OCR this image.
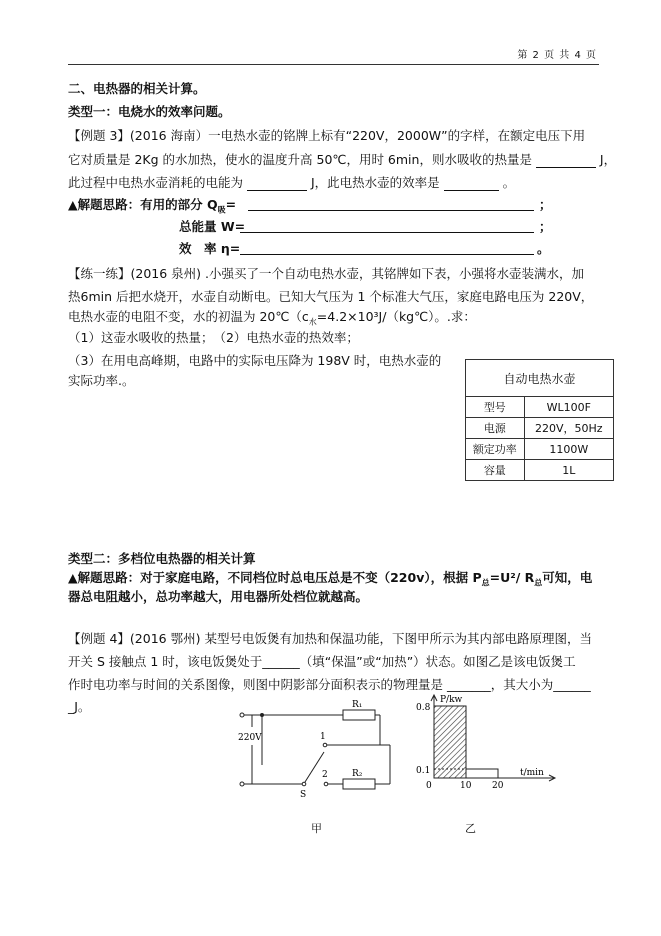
第 2 页 共 4 页
二、电热器的相关计算。
类型一：电烧水的效率问题。
【例题 3】(2016 海南）一电热水壶的铭牌上标有“220V，2000W”的字样，在额定电压下用
它对质量是 2Kg 的水加热，使水的温度升高 50℃，用时 6min，则水吸收的热量是	J，
此过程中电热水壶消耗的电能为	J，此电热水壶的效率是	。
▲解题思路：有用的部分 $Q_吸=$	；
总能量 W=	；
效　率 η=	。
【练一练】(2016 泉州) .小强买了一个自动电热水壶，其铭牌如下表，小强将水壶装满水，加
热6min 后把水烧开，水壶自动断电。已知大气压为 1 个标准大气压，家庭电路电压为 220V，
电热水壶的电阻不变，水的初温为 $20℃(c_水=4.2\times 10^3J/(kg℃)$。.求：
（1）这壶水吸收的热量；　（2）电热水壶的热效率；
（3）在用电高峰期，电路中的实际电压降为 198V 时，电热水壶的
实际功率.。	自动电热水壶	
型号	WL100F
电源	220V，50Hz
额定功率	1100W
容量	1L
类型二：多档位电热器的相关计算
▲解题思路：对于家庭电路，不同档位时总电压总是不变（220v），根据 $P_总=U^2/$ $R_总$可知，电
器总电阻越小，总功率越大，用电器所处档位就越高。
【例题 4】(2016 鄂州) 某型号电饭煲有加热和保温功能，下图甲所示为其内部电路原理图，当
开关 S 接触点 1 时，该电饭煲处于______（填“保温”或“加热”）状态。如图乙是该电饭煲工
作时电功率与时间的关系图像，则图中阴影部分面积表示的物理量是 _______，其大小为______
_J。
220V
R₁
R₂
1
2
S
甲
P/kw
t/min
0.8
0.1
0	10 20
乙
